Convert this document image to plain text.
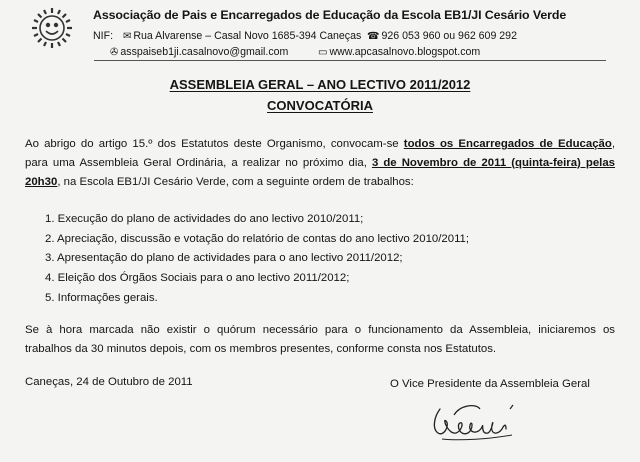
Associação de Pais e Encarregados de Educação da Escola EB1/JI Cesário Verde
NIF: ✉ Rua Alvarense – Casal Novo 1685-394 Caneças ☎ 926 053 960 ou 962 609 292
✇ asspaiseb1ji.casalnovo@gmail.com	▭ www.apcasalnovo.blogspot.com
ASSEMBLEIA GERAL – ANO LECTIVO 2011/2012
CONVOCATÓRIA
Ao abrigo do artigo 15.º dos Estatutos deste Organismo, convocam-se todos os Encarregados de Educação,
para uma Assembleia Geral Ordinária, a realizar no próximo dia, 3 de Novembro de 2011 (quinta-feira) pelas
20h30, na Escola EB1/JI Cesário Verde, com a seguinte ordem de trabalhos:
1. Execução do plano de actividades do ano lectivo 2010/2011;
2. Apreciação, discussão e votação do relatório de contas do ano lectivo 2010/2011;
3. Apresentação do plano de actividades para o ano lectivo 2011/2012;
4. Eleição dos Órgãos Sociais para o ano lectivo 2011/2012;
5. Informações gerais.
Se à hora marcada não existir o quórum necessário para o funcionamento da Assembleia, iniciaremos os
trabalhos da 30 minutos depois, com os membros presentes, conforme consta nos Estatutos.
Caneças, 24 de Outubro de 2011	O Vice Presidente da Assembleia Geral
